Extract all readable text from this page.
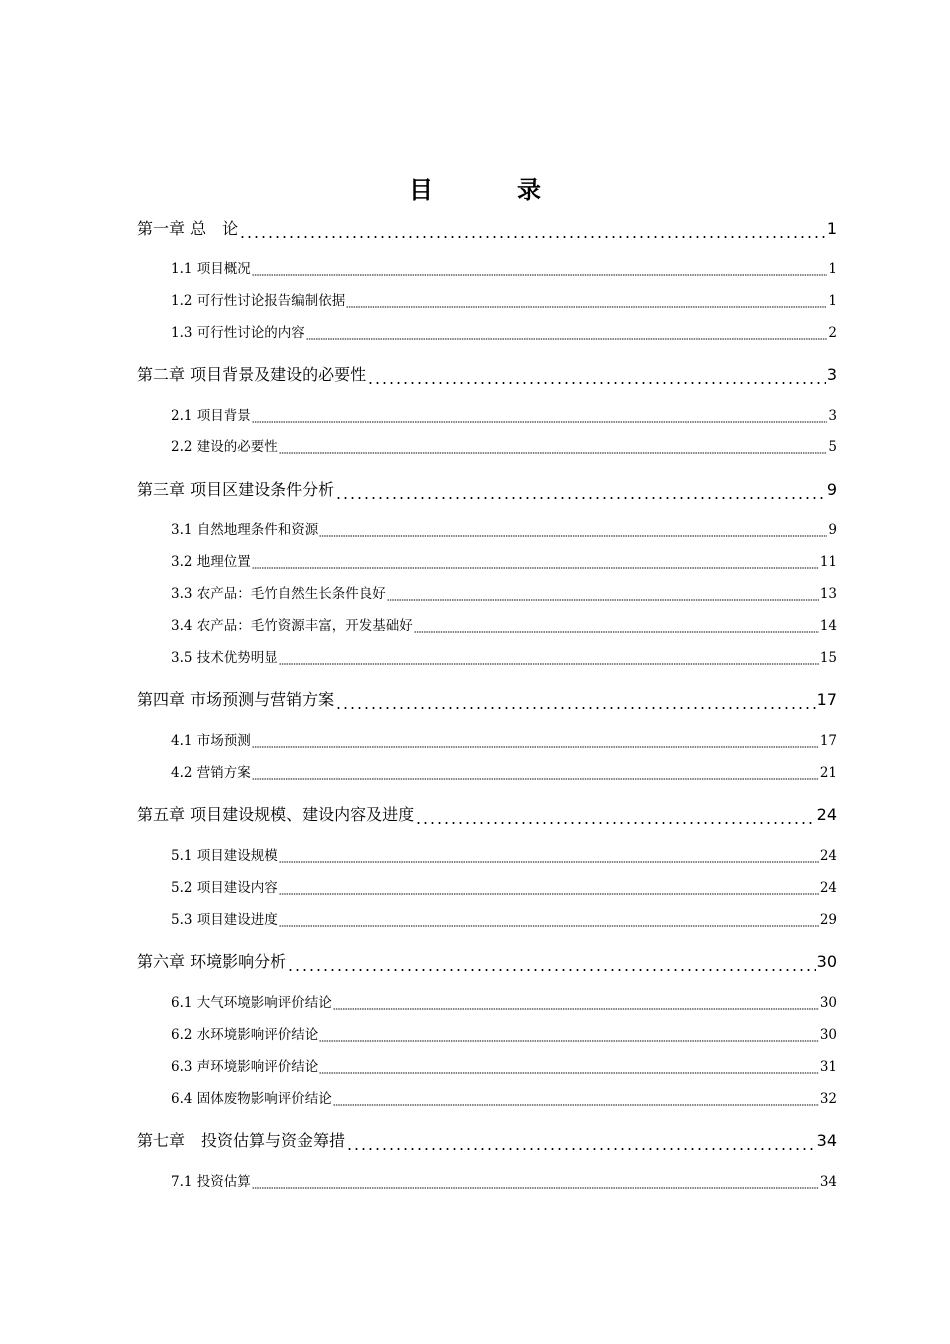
目 录
第一章 总　论	1
1.1 项目概况	1
1.2 可行性讨论报告编制依据	1
1.3 可行性讨论的内容	2
第二章 项目背景及建设的必要性	3
2.1 项目背景	3
2.2 建设的必要性	5
第三章 项目区建设条件分析	9
3.1 自然地理条件和资源	9
3.2 地理位置	11
3.3 农产品：毛竹自然生长条件良好	13
3.4 农产品：毛竹资源丰富，开发基础好	14
3.5 技术优势明显	15
第四章 市场预测与营销方案	17
4.1 市场预测	17
4.2 营销方案	21
第五章 项目建设规模、建设内容及进度	24
5.1 项目建设规模	24
5.2 项目建设内容	24
5.3 项目建设进度	29
第六章 环境影响分析	30
6.1 大气环境影响评价结论	30
6.2 水环境影响评价结论	30
6.3 声环境影响评价结论	31
6.4 固体废物影响评价结论	32
第七章　投资估算与资金筹措	34
7.1 投资估算	34
